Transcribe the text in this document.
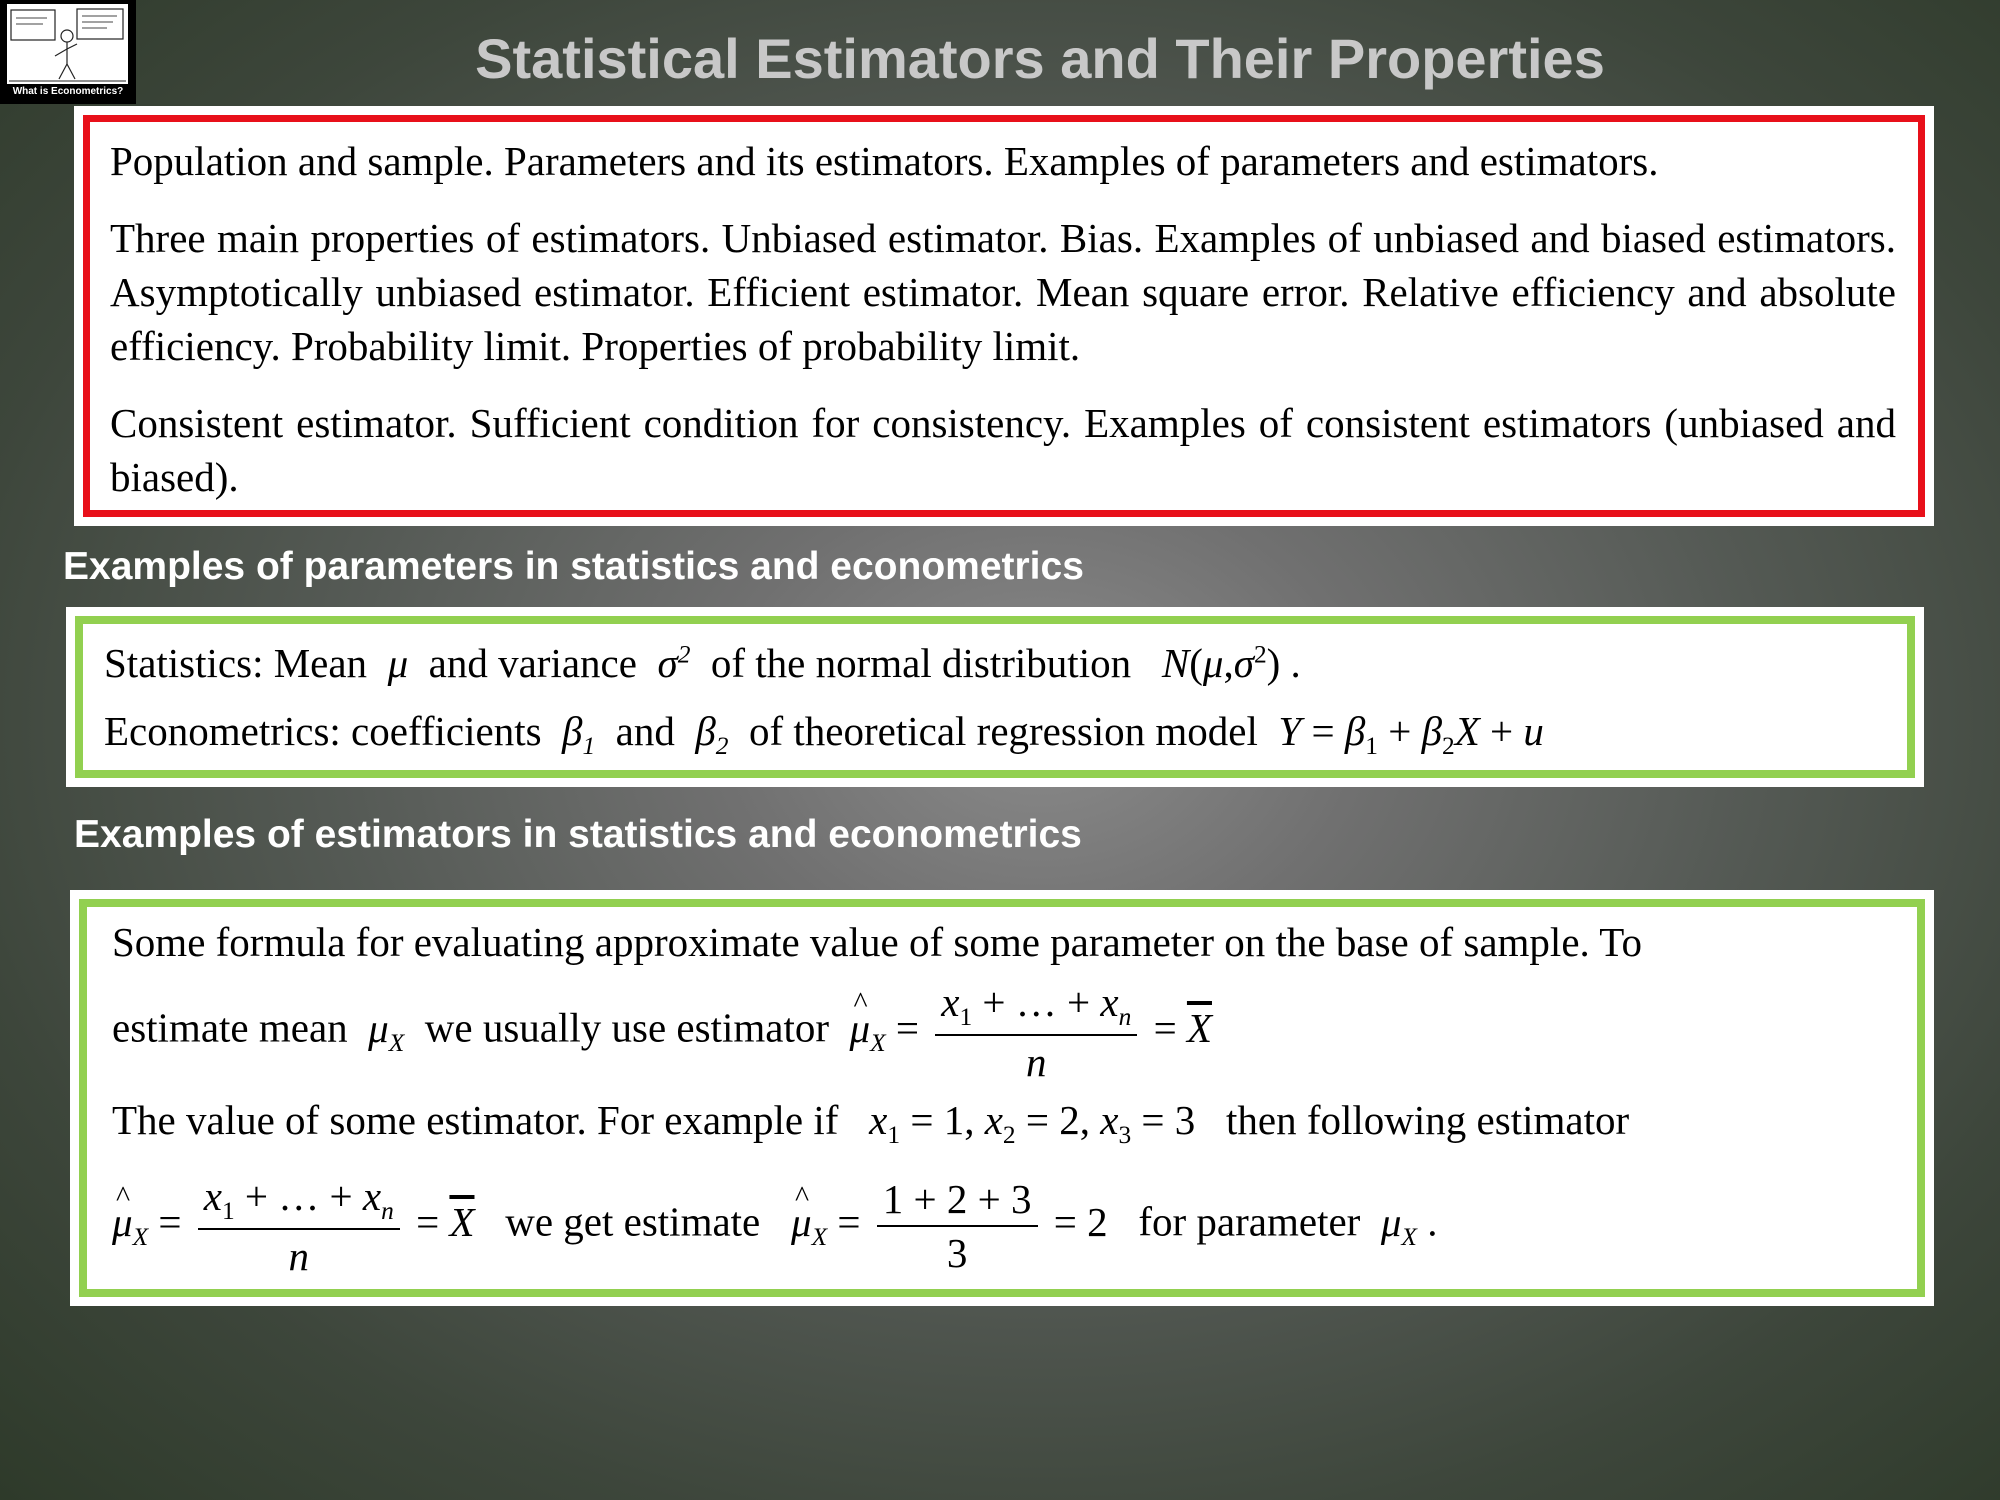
What is Econometrics?
Statistical Estimators and Their Properties
Population and sample. Parameters and its estimators. Examples of parameters and estimators.
Three main properties of estimators. Unbiased estimator. Bias. Examples of unbiased and biased estimators. Asymptotically unbiased estimator. Efficient estimator. Mean square error. Relative efficiency and absolute efficiency. Probability limit. Properties of probability limit.
Consistent estimator. Sufficient condition for consistency. Examples of consistent estimators (unbiased and biased).
Examples of parameters in statistics and econometrics
Statistics: Mean  μ  and variance  $\sigma^2$ of the normal distribution $N(\mu,\sigma^2)$ .
Econometrics: coefficients  $\beta_1$ and  $\beta_2$ of theoretical regression model $Y = \beta_1 + \beta_2X + u$
Examples of estimators in statistics and econometrics
Some formula for evaluating approximate value of some parameter on the base of sample. To
estimate mean  $\mu_X$ we usually use estimator ^ $\mu_X = \frac{x_1 + \dots + x_n}{n} = \overline{X}$
The value of some estimator. For example if $x_1 = 1$, $x_2 = 2$, $x_3 = 3$   then following estimator
^ $\mu_X = \frac{x_1 + \dots + x_n}{n} = \overline{X}$ we get estimate ^ $\mu_X = \frac{1 + 2 + 3}{3} = 2$   for parameter  $\mu_X$ .
